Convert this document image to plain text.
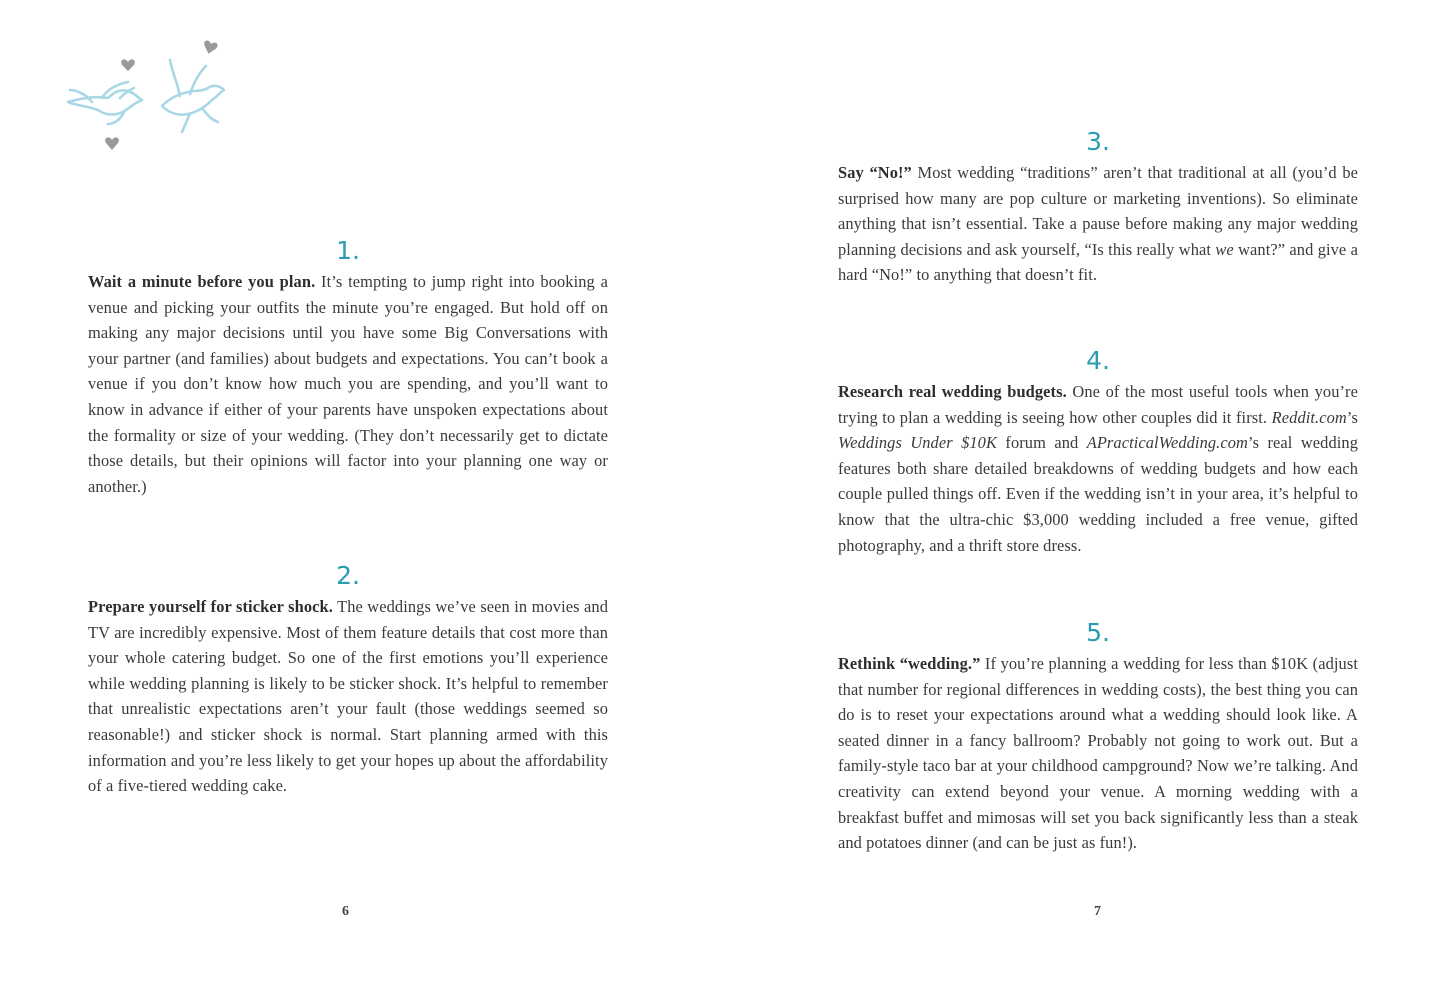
1.

Wait a minute before you plan. It’s tempting to jump right into booking a venue and picking your outfits the minute you’re engaged. But hold off on making any major decisions until you have some Big Conversations with your partner (and families) about budgets and expectations. You can’t book a venue if you don’t know how much you are spending, and you’ll want to know in advance if either of your parents have unspoken expectations about the formality or size of your wedding. (They don’t necessarily get to dictate those details, but their opinions will factor into your planning one way or another.)

2.

Prepare yourself for sticker shock. The weddings we’ve seen in movies and TV are incredibly expensive. Most of them feature details that cost more than your whole catering budget. So one of the first emotions you’ll experience while wedding planning is likely to be sticker shock. It’s helpful to remember that unrealistic expectations aren’t your fault (those weddings seemed so reasonable!) and sticker shock is normal. Start planning armed with this information and you’re less likely to get your hopes up about the affordability of a five-tiered wedding cake.

6
3.

Say “No!” Most wedding “traditions” aren’t that traditional at all (you’d be surprised how many are pop culture or marketing inventions). So eliminate anything that isn’t essential. Take a pause before making any major wedding planning decisions and ask yourself, “Is this really what we want?” and give a hard “No!” to anything that doesn’t fit.

4.

Research real wedding budgets. One of the most useful tools when you’re trying to plan a wedding is seeing how other couples did it first. Reddit.com’s Weddings Under $10K forum and APracticalWedding.com’s real wedding features both share detailed breakdowns of wedding budgets and how each couple pulled things off. Even if the wedding isn’t in your area, it’s helpful to know that the ultra-chic $3,000 wedding included a free venue, gifted photography, and a thrift store dress.

5.

Rethink “wedding.” If you’re planning a wedding for less than $10K (adjust that number for regional differences in wedding costs), the best thing you can do is to reset your expectations around what a wedding should look like. A seated dinner in a fancy ballroom? Probably not going to work out. But a family-style taco bar at your childhood campground? Now we’re talking. And creativity can extend beyond your venue. A morning wedding with a breakfast buffet and mimosas will set you back significantly less than a steak and potatoes dinner (and can be just as fun!).

7
